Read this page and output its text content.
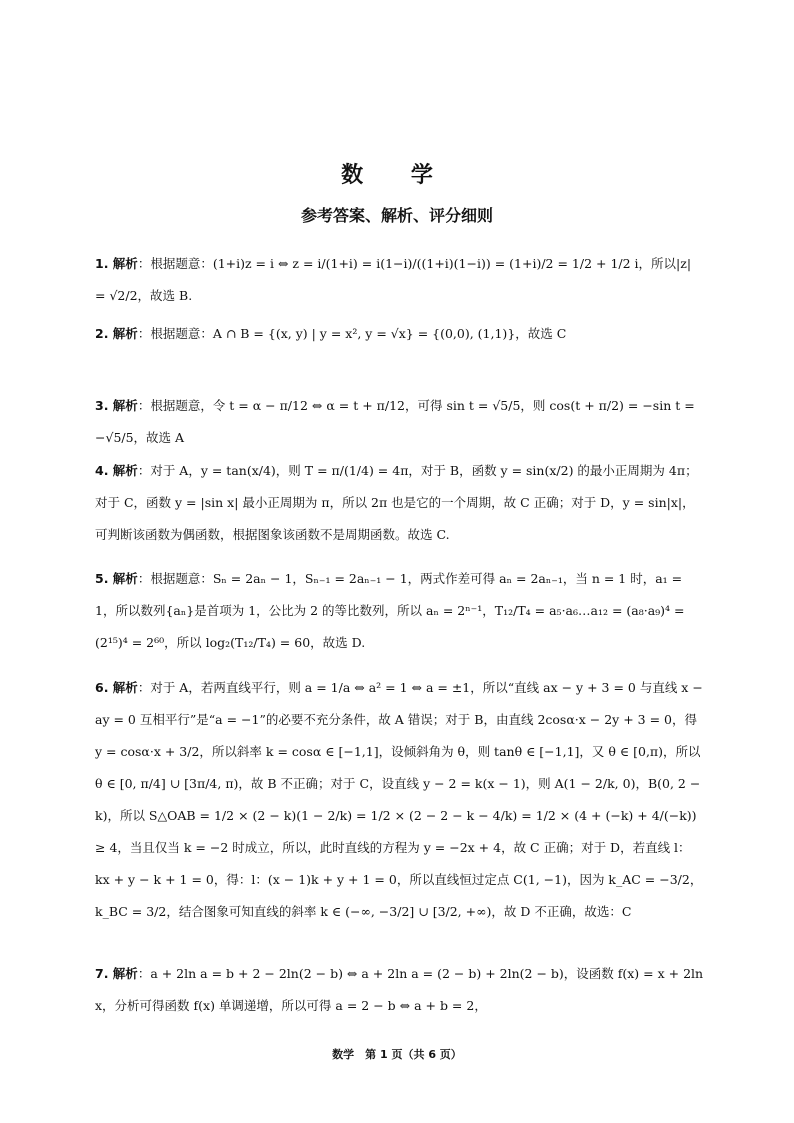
数 学
参考答案、解析、评分细则
1. 解析：根据题意：(1+i)z = i ⇔ z = i/(1+i) = i(1−i)/((1+i)(1−i)) = (1+i)/2 = 1/2 + 1/2 i，所以|z| = √2/2，故选 B.
2. 解析：根据题意：A ∩ B = {(x, y) | y = x², y = √x} = {(0,0), (1,1)}，故选 C
3. 解析：根据题意，令 t = α − π/12 ⇔ α = t + π/12，可得 sin t = √5/5，则 cos(t + π/2) = −sin t = −√5/5，故选 A
4. 解析：对于 A，y = tan(x/4)，则 T = π/(1/4) = 4π，对于 B，函数 y = sin(x/2) 的最小正周期为 4π；对于 C，函数 y = |sin x| 最小正周期为 π，所以 2π 也是它的一个周期，故 C 正确；对于 D，y = sin|x|，可判断该函数为偶函数，根据图象该函数不是周期函数。故选 C.
5. 解析：根据题意：Sₙ = 2aₙ − 1，Sₙ₋₁ = 2aₙ₋₁ − 1，两式作差可得 aₙ = 2aₙ₋₁，当 n = 1 时，a₁ = 1，所以数列{aₙ}是首项为 1，公比为 2 的等比数列，所以 aₙ = 2ⁿ⁻¹，T₁₂/T₄ = a₅·a₆…a₁₂ = (a₈·a₉)⁴ = (2¹⁵)⁴ = 2⁶⁰，所以 log₂(T₁₂/T₄) = 60，故选 D.
6. 解析：对于 A，若两直线平行，则 a = 1/a ⇔ a² = 1 ⇔ a = ±1，所以“直线 ax − y + 3 = 0 与直线 x − ay = 0 互相平行”是“a = −1”的必要不充分条件，故 A 错误；对于 B，由直线 2cosα·x − 2y + 3 = 0，得 y = cosα·x + 3/2，所以斜率 k = cosα ∈ [−1,1]，设倾斜角为 θ，则 tanθ ∈ [−1,1]，又 θ ∈ [0,π)，所以 θ ∈ [0, π/4] ∪ [3π/4, π)，故 B 不正确；对于 C，设直线 y − 2 = k(x − 1)，则 A(1 − 2/k, 0)，B(0, 2 − k)，所以 S△OAB = 1/2 × (2 − k)(1 − 2/k) = 1/2 × (2 − 2 − k − 4/k) = 1/2 × (4 + (−k) + 4/(−k)) ≥ 4，当且仅当 k = −2 时成立，所以，此时直线的方程为 y = −2x + 4，故 C 正确；对于 D，若直线 l：kx + y − k + 1 = 0，得：l：(x − 1)k + y + 1 = 0，所以直线恒过定点 C(1, −1)，因为 k_AC = −3/2，k_BC = 3/2，结合图象可知直线的斜率 k ∈ (−∞, −3/2] ∪ [3/2, +∞)，故 D 不正确，故选：C
7. 解析：a + 2ln a = b + 2 − 2ln(2 − b) ⇔ a + 2ln a = (2 − b) + 2ln(2 − b)，设函数 f(x) = x + 2ln x，分析可得函数 f(x) 单调递增，所以可得 a = 2 − b ⇔ a + b = 2，
数学　第 1 页（共 6 页）
